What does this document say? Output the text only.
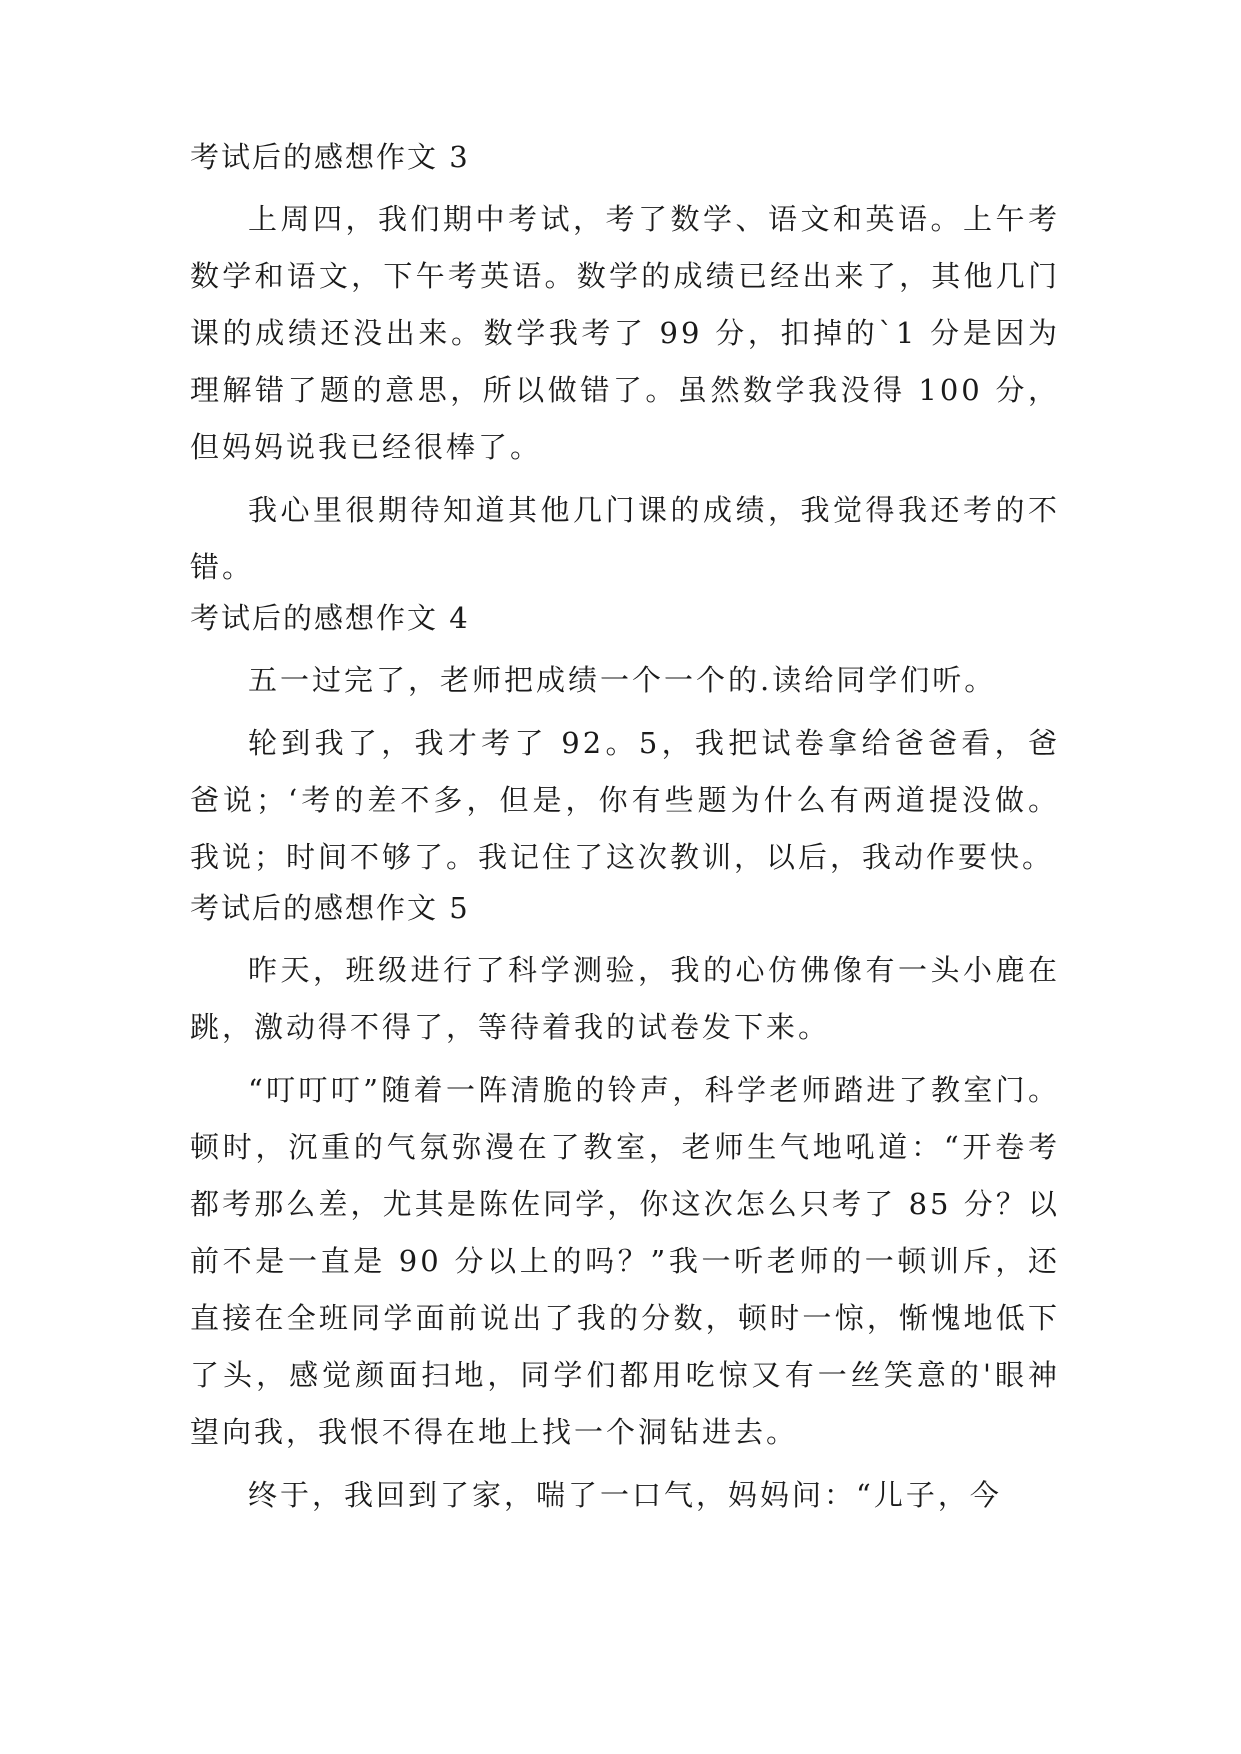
考试后的感想作文 3

上周四，我们期中考试，考了数学、语文和英语。上午考数学和语文，下午考英语。数学的成绩已经出来了，其他几门课的成绩还没出来。数学我考了 99 分，扣掉的`1 分是因为理解错了题的意思，所以做错了。虽然数学我没得 100 分，但妈妈说我已经很棒了。

我心里很期待知道其他几门课的成绩，我觉得我还考的不错。

考试后的感想作文 4

五一过完了，老师把成绩一个一个的.读给同学们听。

轮到我了，我才考了 92。5，我把试卷拿给爸爸看，爸爸说；‘考的差不多，但是，你有些题为什么有两道提没做。我说；时间不够了。我记住了这次教训，以后，我动作要快。

考试后的感想作文 5

昨天，班级进行了科学测验，我的心仿佛像有一头小鹿在跳，激动得不得了，等待着我的试卷发下来。

“叮叮叮”随着一阵清脆的铃声，科学老师踏进了教室门。顿时，沉重的气氛弥漫在了教室，老师生气地吼道：“开卷考都考那么差，尤其是陈佐同学，你这次怎么只考了 85 分？以前不是一直是 90 分以上的吗？”我一听老师的一顿训斥，还直接在全班同学面前说出了我的分数，顿时一惊，惭愧地低下了头，感觉颜面扫地，同学们都用吃惊又有一丝笑意的'眼神望向我，我恨不得在地上找一个洞钻进去。

终于，我回到了家，喘了一口气，妈妈问：“儿子，今
